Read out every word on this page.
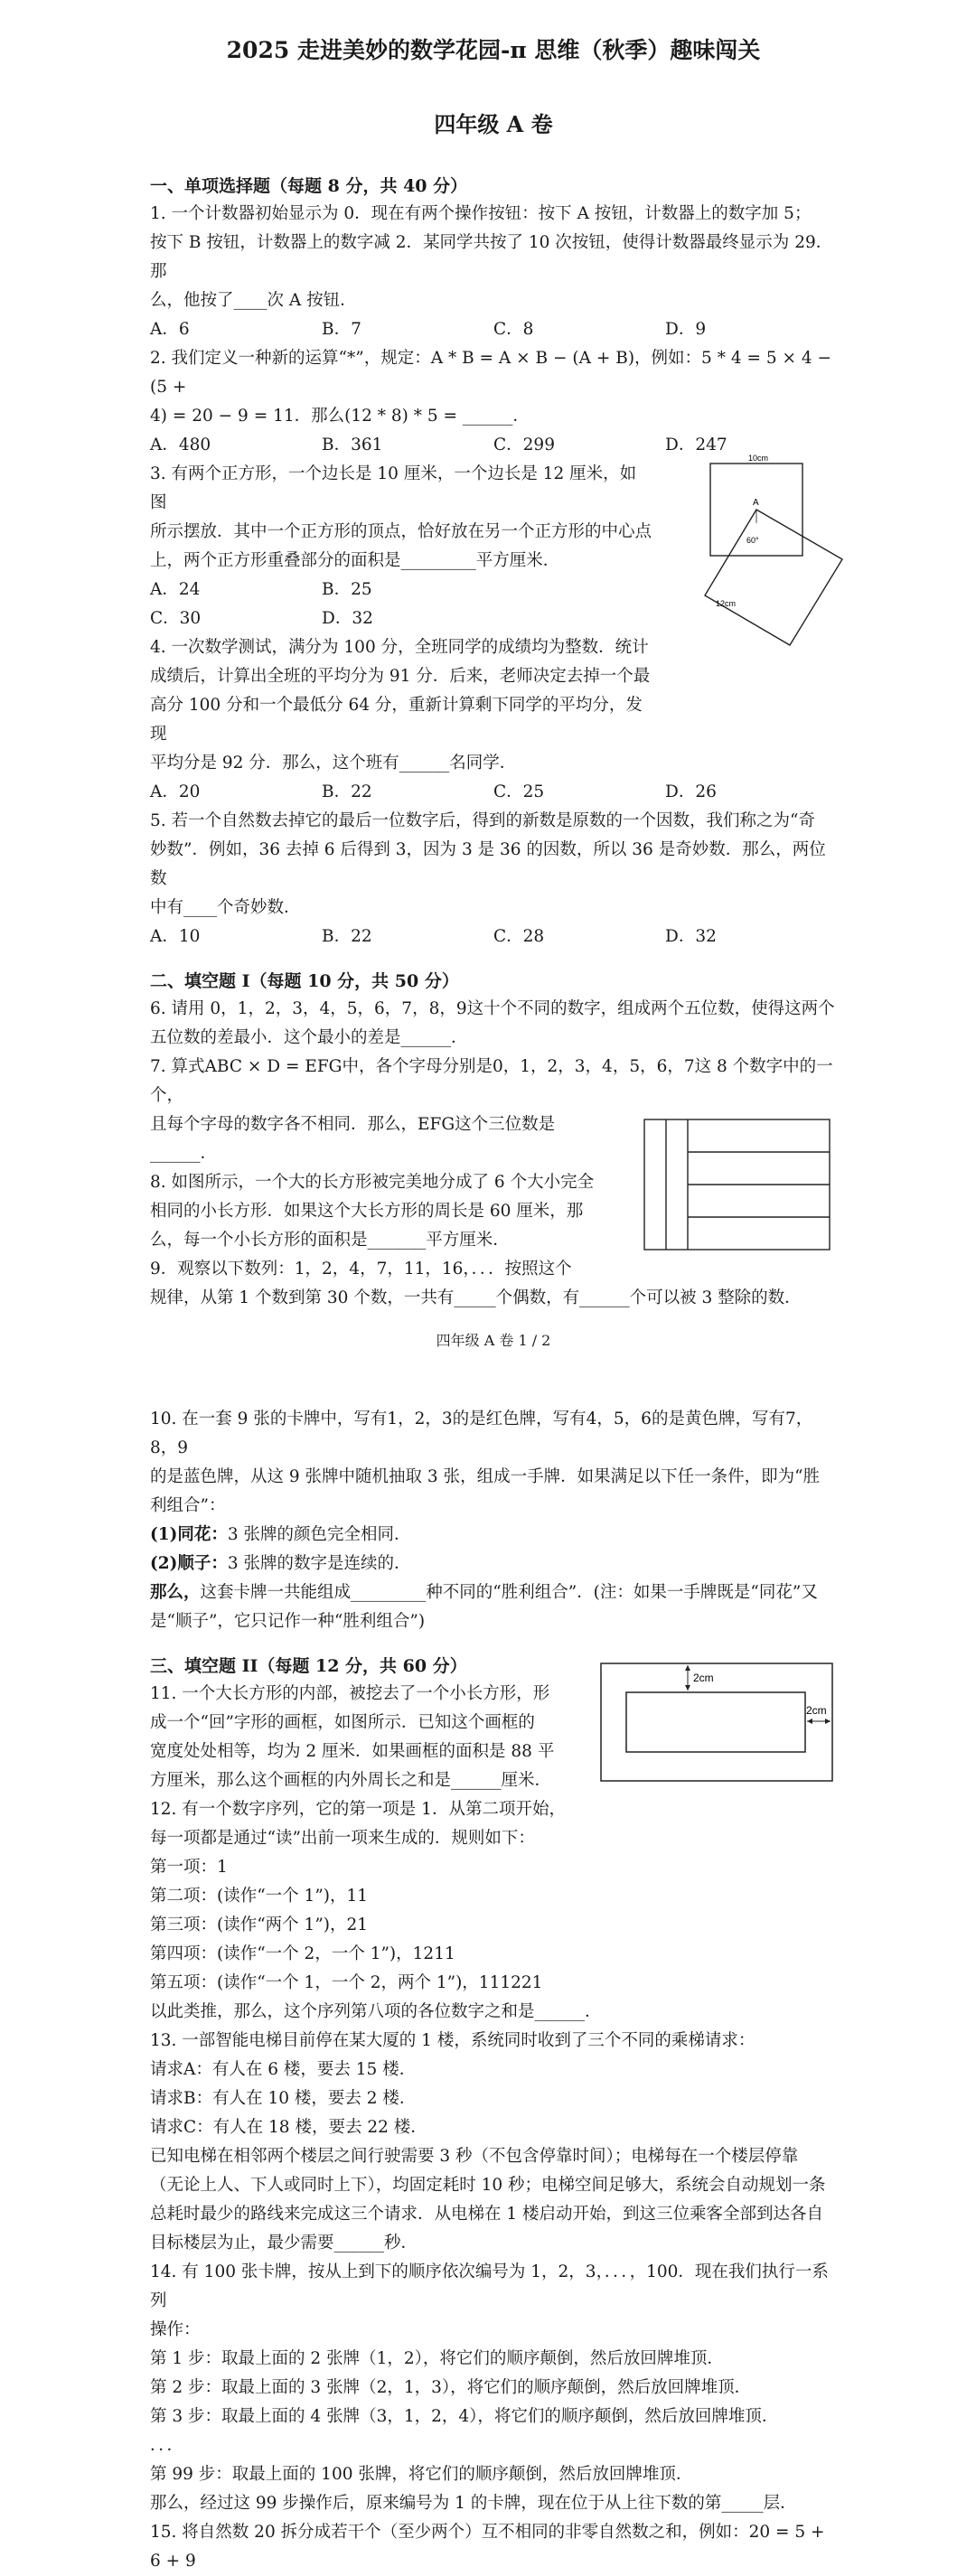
2025 走进美妙的数学花园-π 思维（秋季）趣味闯关
四年级 A 卷
一、单项选择题（每题 8 分，共 40 分）

1. 一个计数器初始显示为 0．现在有两个操作按钮：按下 A 按钮，计数器上的数字加 5；

按下 B 按钮，计数器上的数字减 2．某同学共按了 10 次按钮，使得计数器最终显示为 29．那

么，他按了____次 A 按钮．

A．6	B．7	C．8	D．9

2. 我们定义一种新的运算“*”，规定：A * B = A × B − (A + B)，例如：5 * 4 = 5 × 4 − (5 +

4) = 20 − 9 = 11．那么(12 * 8) * 5 = ______．

A．480	B．361	C．299	D．247

3. 有两个正方形，一个边长是 10 厘米，一个边长是 12 厘米，如图

所示摆放．其中一个正方形的顶点，恰好放在另一个正方形的中心点

上，两个正方形重叠部分的面积是_________平方厘米．

A．24	B．25
C．30	D．32
10cm
A
60°
12cm

4. 一次数学测试，满分为 100 分，全班同学的成绩均为整数．统计

成绩后，计算出全班的平均分为 91 分．后来，老师决定去掉一个最

高分 100 分和一个最低分 64 分，重新计算剩下同学的平均分，发现

平均分是 92 分．那么，这个班有______名同学．

A．20	B．22	C．25	D．26

5. 若一个自然数去掉它的最后一位数字后，得到的新数是原数的一个因数，我们称之为“奇

妙数”．例如，36 去掉 6 后得到 3，因为 3 是 36 的因数，所以 36 是奇妙数．那么，两位数

中有____个奇妙数．

A．10	B．22	C．28	D．32
二、填空题 I（每题 10 分，共 50 分）

6. 请用 0，1，2，3，4，5，6，7，8，9这十个不同的数字，组成两个五位数，使得这两个

五位数的差最小．这个最小的差是______．

7. 算式ABC × D = EFG中，各个字母分别是0，1，2，3，4，5，6，7这 8 个数字中的一个，

且每个字母的数字各不相同．那么，EFG这个三位数是

______．

8. 如图所示，一个大的长方形被完美地分成了 6 个大小完全

相同的小长方形．如果这个大长方形的周长是 60 厘米，那

么，每一个小长方形的面积是_______平方厘米．

9．观察以下数列：1，2，4，7，11，16，．．．按照这个

规律，从第 1 个数到第 30 个数，一共有_____个偶数，有______个可以被 3 整除的数．

四年级 A 卷 1 / 2

10. 在一套 9 张的卡牌中，写有1，2，3的是红色牌，写有4，5，6的是黄色牌，写有7，8，9

的是蓝色牌，从这 9 张牌中随机抽取 3 张，组成一手牌．如果满足以下任一条件，即为“胜

利组合”：

(1)同花：3 张牌的颜色完全相同．

(2)顺子：3 张牌的数字是连续的．

那么，这套卡牌一共能组成_________种不同的“胜利组合”．(注：如果一手牌既是“同花”又

是“顺子”，它只记作一种“胜利组合”)

三、填空题 II（每题 12 分，共 60 分）

11. 一个大长方形的内部，被挖去了一个小长方形，形

成一个“回”字形的画框，如图所示．已知这个画框的

宽度处处相等，均为 2 厘米．如果画框的面积是 88 平

方厘米，那么这个画框的内外周长之和是______厘米．

2cm
2cm

12. 有一个数字序列，它的第一项是 1．从第二项开始，

每一项都是通过“读”出前一项来生成的．规则如下：

第一项：1

第二项：(读作“一个 1”)，11

第三项：(读作“两个 1”)，21

第四项：(读作“一个 2，一个 1”)，1211

第五项：(读作“一个 1，一个 2，两个 1”)，111221

以此类推，那么，这个序列第八项的各位数字之和是______．

13. 一部智能电梯目前停在某大厦的 1 楼，系统同时收到了三个不同的乘梯请求：

请求A：有人在 6 楼，要去 15 楼．

请求B：有人在 10 楼，要去 2 楼．

请求C：有人在 18 楼，要去 22 楼．

已知电梯在相邻两个楼层之间行驶需要 3 秒（不包含停靠时间）；电梯每在一个楼层停靠

（无论上人、下人或同时上下），均固定耗时 10 秒；电梯空间足够大，系统会自动规划一条

总耗时最少的路线来完成这三个请求．从电梯在 1 楼启动开始，到这三位乘客全部到达各自

目标楼层为止，最少需要______秒．

14. 有 100 张卡牌，按从上到下的顺序依次编号为 1，2，3，．．．，100．现在我们执行一系列

操作：

第 1 步：取最上面的 2 张牌（1，2），将它们的顺序颠倒，然后放回牌堆顶．

第 2 步：取最上面的 3 张牌（2，1，3），将它们的顺序颠倒，然后放回牌堆顶．

第 3 步：取最上面的 4 张牌（3，1，2，4），将它们的顺序颠倒，然后放回牌堆顶．

．．．

第 99 步：取最上面的 100 张牌，将它们的顺序颠倒，然后放回牌堆顶．

那么，经过这 99 步操作后，原来编号为 1 的卡牌，现在位于从上往下数的第_____层．

15. 将自然数 20 拆分成若干个（至少两个）互不相同的非零自然数之和，例如：20 = 5 + 6 + 9
